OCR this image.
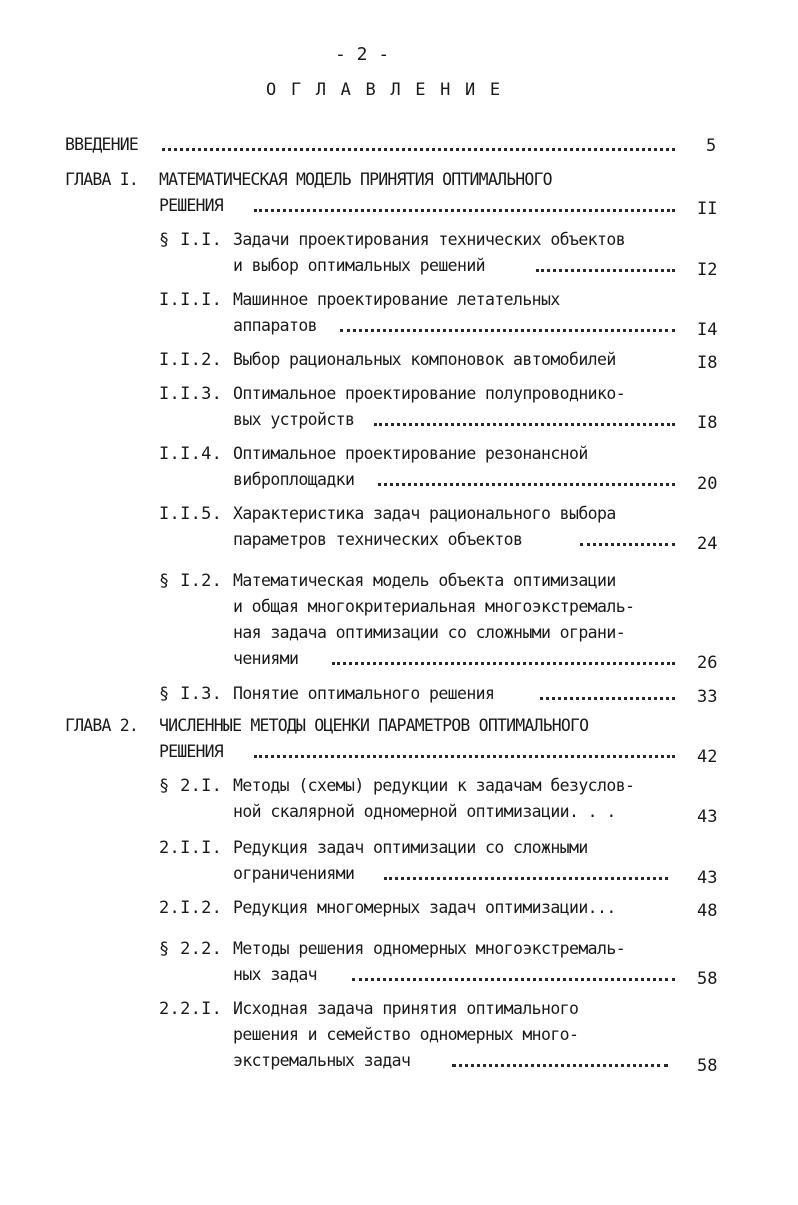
- 2 -
О Г Л А В Л Е Н И Е
ВВЕДЕНИЕ	5
ГЛАВА I. МАТЕМАТИЧЕСКАЯ МОДЕЛЬ ПРИНЯТИЯ ОПТИМАЛЬНОГО
РЕШЕНИЯ	II
§ I.I. Задачи проектирования технических объектов
и выбор оптимальных решений	I2
I.I.I. Машинное проектирование летательных
аппаратов	I4
I.I.2. Выбор рациональных компоновок автомобилей	I8
I.I.3. Оптимальное проектирование полупроводнико-
вых устройств	I8
I.I.4. Оптимальное проектирование резонансной
виброплощадки	20
I.I.5. Характеристика задач рационального выбора
параметров технических объектов	24
§ I.2. Математическая модель объекта оптимизации
и общая многокритериальная многоэкстремаль-
ная задача оптимизации со сложными ограни-
чениями	26
§ I.3. Понятие оптимального решения	33
ГЛАВА 2. ЧИСЛЕННЫЕ МЕТОДЫ ОЦЕНКИ ПАРАМЕТРОВ ОПТИМАЛЬНОГО
РЕШЕНИЯ	42
§ 2.I. Методы (схемы) редукции к задачам безуслов-
ной скалярной одномерной оптимизации. . .	43
2.I.I. Редукция задач оптимизации со сложными
ограничениями	43
2.I.2. Редукция многомерных задач оптимизации...	48
§ 2.2. Методы решения одномерных многоэкстремаль-
ных задач	58
2.2.I. Исходная задача принятия оптимального
решения и семейство одномерных много-
экстремальных задач	58
